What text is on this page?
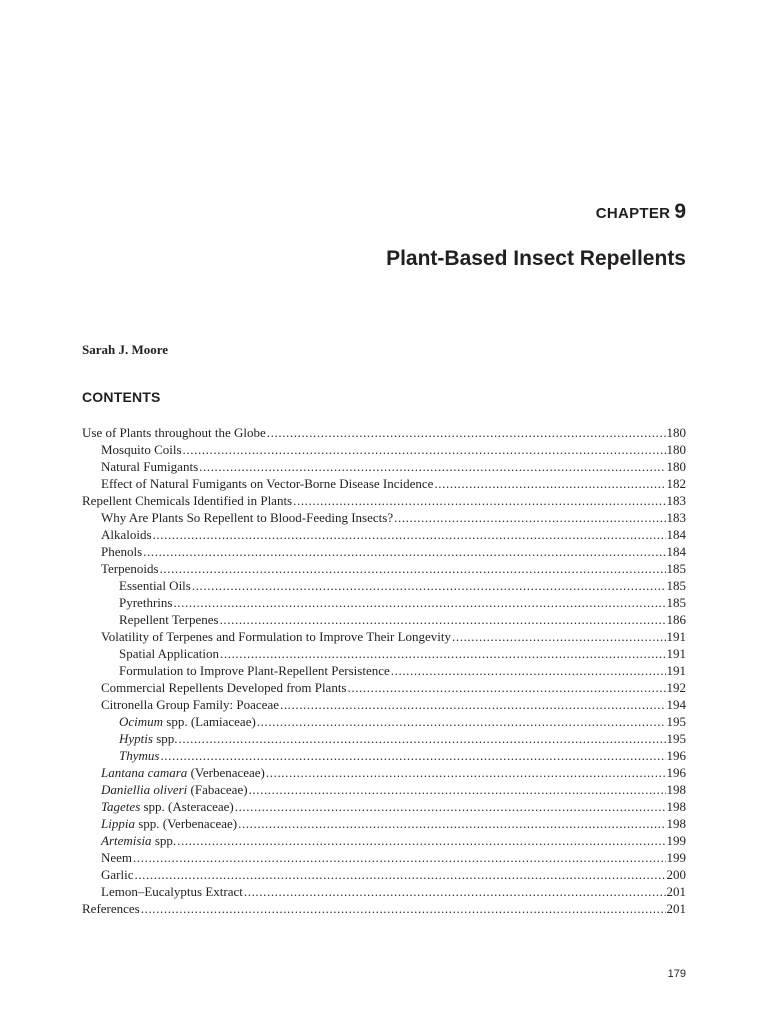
CHAPTER 9
Plant-Based Insect Repellents
Sarah J. Moore
CONTENTS
Use of Plants throughout the Globe .....	180
Mosquito Coils .....	180
Natural Fumigants .....	180
Effect of Natural Fumigants on Vector-Borne Disease Incidence .....	182
Repellent Chemicals Identified in Plants .....	183
Why Are Plants So Repellent to Blood-Feeding Insects? .....	183
Alkaloids .....	184
Phenols .....	184
Terpenoids .....	185
Essential Oils .....	185
Pyrethrins .....	185
Repellent Terpenes .....	186
Volatility of Terpenes and Formulation to Improve Their Longevity .....	191
Spatial Application .....	191
Formulation to Improve Plant-Repellent Persistence .....	191
Commercial Repellents Developed from Plants .....	192
Citronella Group Family: Poaceae .....	194
Ocimum spp. (Lamiaceae) .....	195
Hyptis spp. .....	195
Thymus .....	196
Lantana camara (Verbenaceae) .....	196
Daniellia oliveri (Fabaceae) .....	198
Tagetes spp. (Asteraceae) .....	198
Lippia spp. (Verbenaceae) .....	198
Artemisia spp. .....	199
Neem .....	199
Garlic .....	200
Lemon–Eucalyptus Extract .....	201
References .....	201
179
